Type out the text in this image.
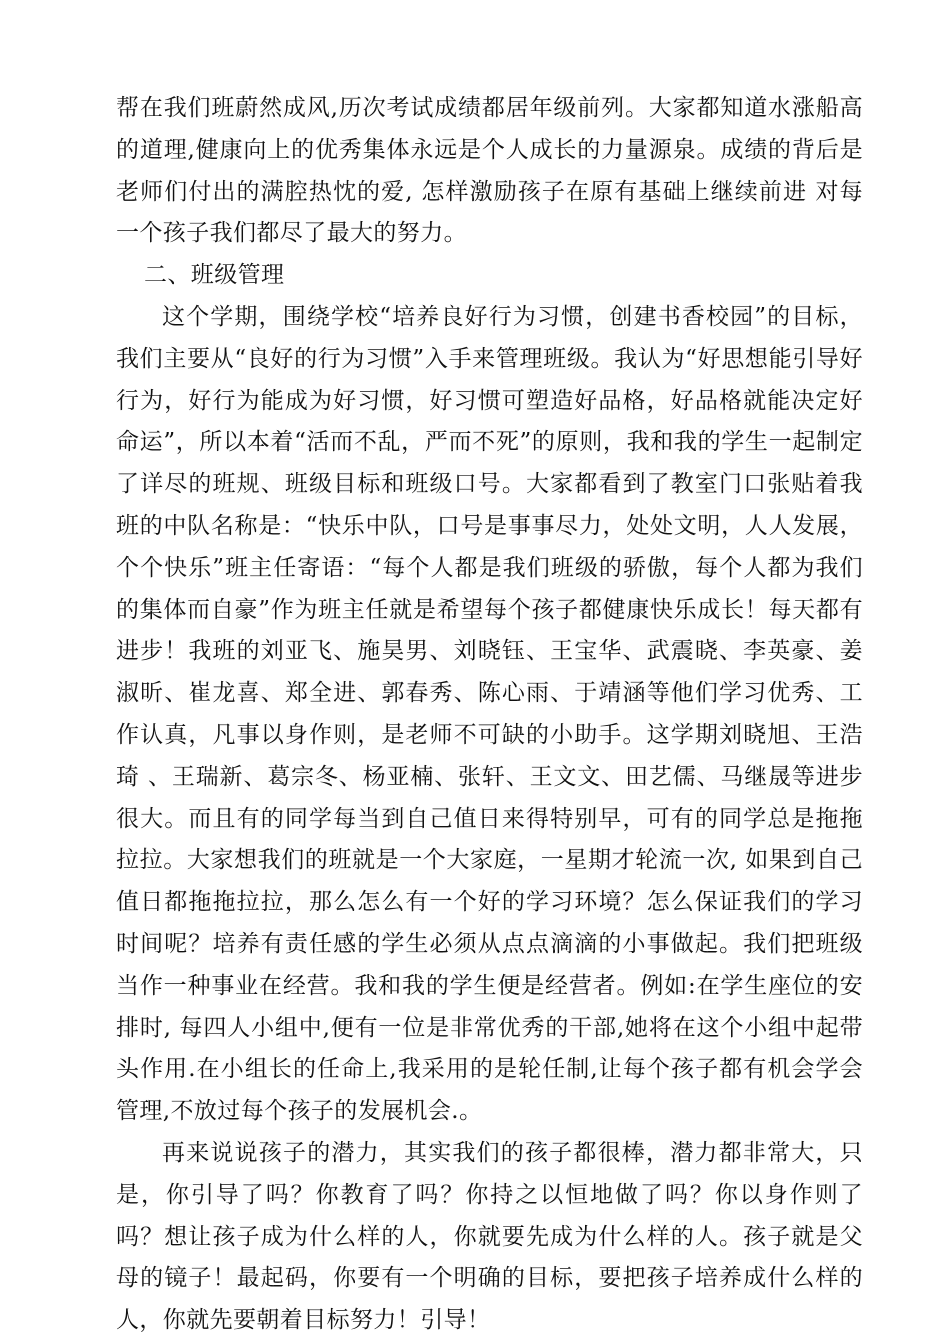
帮在我们班蔚然成风,历次考试成绩都居年级前列。大家都知道水涨船高的道理,健康向上的优秀集体永远是个人成长的力量源泉。成绩的背后是老师们付出的满腔热忱的爱, 怎样激励孩子在原有基础上继续前进 对每一个孩子我们都尽了最大的努力。

二、班级管理

这个学期，围绕学校“培养良好行为习惯，创建书香校园”的目标，我们主要从“良好的行为习惯”入手来管理班级。我认为“好思想能引导好行为，好行为能成为好习惯，好习惯可塑造好品格，好品格就能决定好命运”，所以本着“活而不乱，严而不死”的原则，我和我的学生一起制定了详尽的班规、班级目标和班级口号。大家都看到了教室门口张贴着我班的中队名称是：“快乐中队，口号是事事尽力，处处文明，人人发展，个个快乐”班主任寄语：“每个人都是我们班级的骄傲，每个人都为我们的集体而自豪”作为班主任就是希望每个孩子都健康快乐成长！每天都有进步！我班的刘亚飞、施昊男、刘晓钰、王宝华、武震晓、李英豪、姜淑昕、崔龙喜、郑全进、郭春秀、陈心雨、于靖涵等他们学习优秀、工作认真，凡事以身作则，是老师不可缺的小助手。这学期刘晓旭、王浩琦 、王瑞新、葛宗冬、杨亚楠、张轩、王文文、田艺儒、马继晟等进步很大。而且有的同学每当到自己值日来得特别早，可有的同学总是拖拖拉拉。大家想我们的班就是一个大家庭，一星期才轮流一次, 如果到自己值日都拖拖拉拉，那么怎么有一个好的学习环境？怎么保证我们的学习时间呢？培养有责任感的学生必须从点点滴滴的小事做起。我们把班级当作一种事业在经营。我和我的学生便是经营者。例如:在学生座位的安排时, 每四人小组中,便有一位是非常优秀的干部,她将在这个小组中起带头作用.在小组长的任命上,我采用的是轮任制,让每个孩子都有机会学会管理,不放过每个孩子的发展机会.。

再来说说孩子的潜力，其实我们的孩子都很棒，潜力都非常大，只是，你引导了吗？你教育了吗？你持之以恒地做了吗？你以身作则了吗？想让孩子成为什么样的人，你就要先成为什么样的人。孩子就是父母的镜子！最起码，你要有一个明确的目标，要把孩子培养成什么样的人，你就先要朝着目标努力！引导！
